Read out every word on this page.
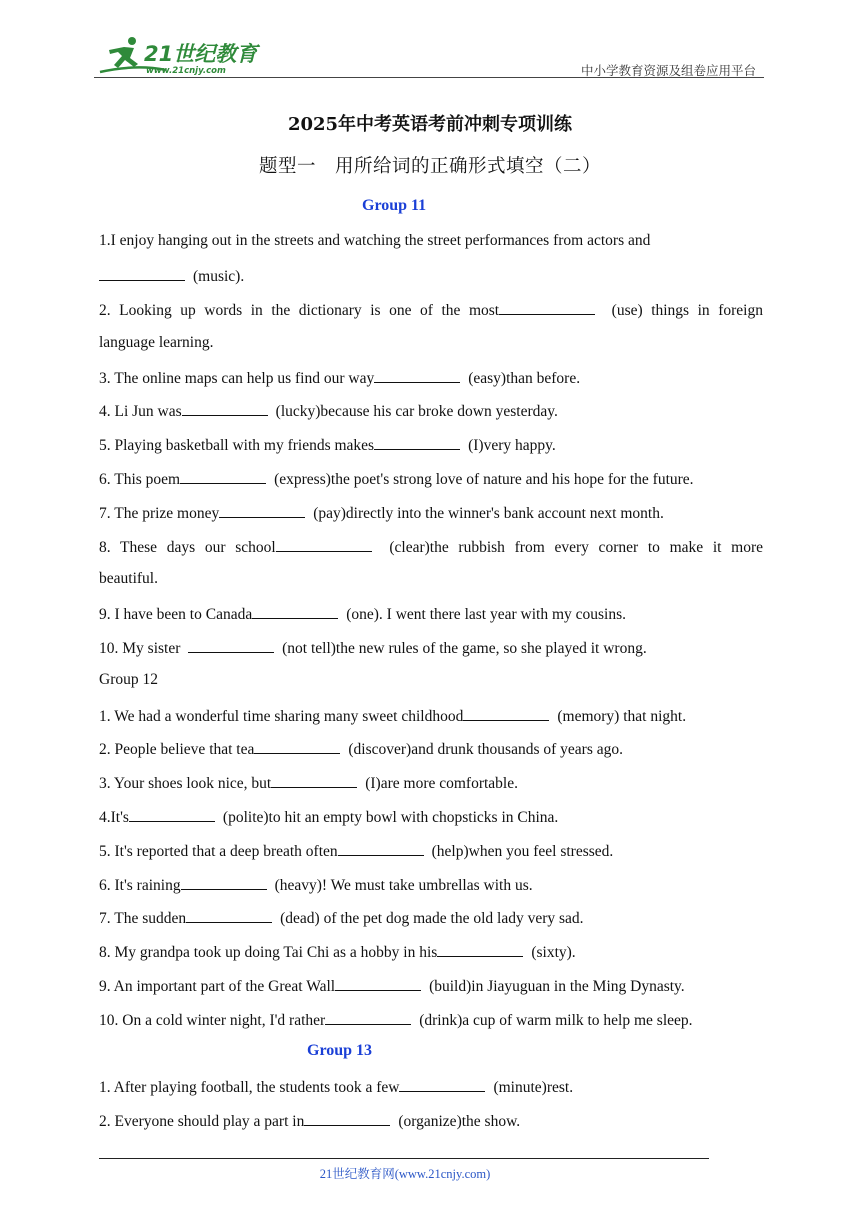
21世纪教育
www.21cnjy.com	中小学教育资源及组卷应用平台
2025年中考英语考前冲刺专项训练
题型一　用所给词的正确形式填空（二）
Group 11
1.I enjoy hanging out in the streets and watching the street performances from actors and
(music).
2. Looking up words in the dictionary is one of the most	(use) things in foreign
language learning.
3. The online maps can help us find our way	(easy)than before.
4. Li Jun was	(lucky)because his car broke down yesterday.
5. Playing basketball with my friends makes	(I)very happy.
6. This poem	(express)the poet's strong love of nature and his hope for the future.
7. The prize money	(pay)directly into the winner's bank account next month.
8. These days our school	(clear)the rubbish from every corner to make it more
beautiful.
9. I have been to Canada	(one). I went there last year with my cousins.
10. My sister	(not tell)the new rules of the game, so she played it wrong.
Group 12
1. We had a wonderful time sharing many sweet childhood	(memory) that night.
2. People believe that tea	(discover)and drunk thousands of years ago.
3. Your shoes look nice, but	(I)are more comfortable.
4.It's	(polite)to hit an empty bowl with chopsticks in China.
5. It's reported that a deep breath often	(help)when you feel stressed.
6. It's raining	(heavy)! We must take umbrellas with us.
7. The sudden	(dead) of the pet dog made the old lady very sad.
8. My grandpa took up doing Tai Chi as a hobby in his	(sixty).
9. An important part of the Great Wall	(build)in Jiayuguan in the Ming Dynasty.
10. On a cold winter night, I'd rather	(drink)a cup of warm milk to help me sleep.
Group 13
1. After playing football, the students took a few	(minute)rest.
2. Everyone should play a part in	(organize)the show.
21世纪教育网(www.21cnjy.com)
